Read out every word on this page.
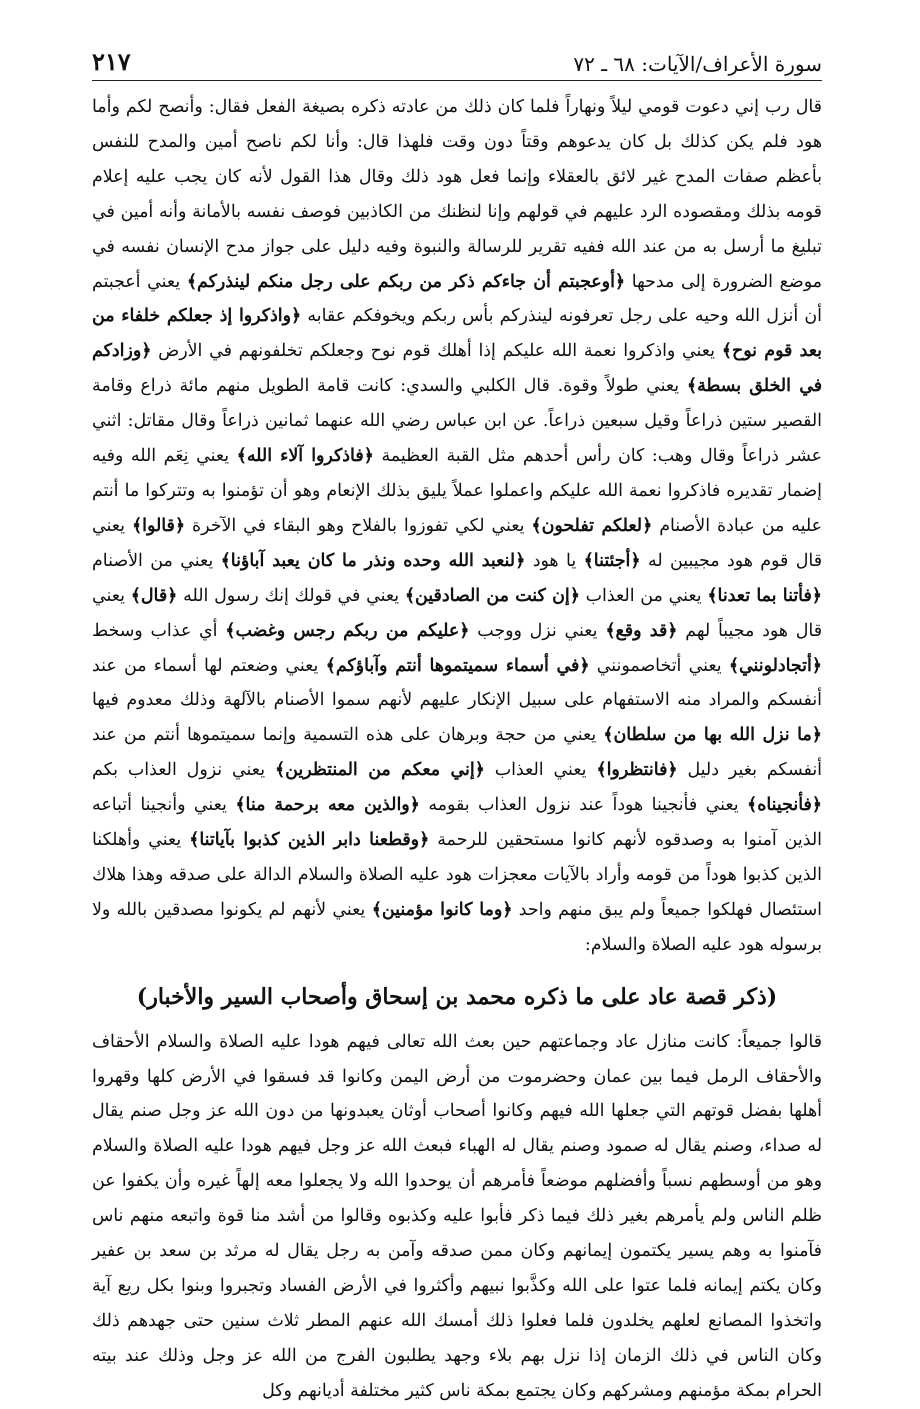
سورة الأعراف/الآيات: ٦٨ ـ ٧٢
٢١٧

قال رب إني دعوت قومي ليلاً ونهاراً فلما كان ذلك من عادته ذكره بصيغة الفعل فقال: وأنصح لكم وأما هود فلم يكن كذلك بل كان يدعوهم وقتاً دون وقت فلهذا قال: وأنا لكم ناصح أمين والمدح للنفس بأعظم صفات المدح غير لائق بالعقلاء وإنما فعل هود ذلك وقال هذا القول لأنه كان يجب عليه إعلام قومه بذلك ومقصوده الرد عليهم في قولهم وإنا لنظنك من الكاذبين فوصف نفسه بالأمانة وأنه أمين في تبليغ ما أرسل به من عند الله ففيه تقرير للرسالة والنبوة وفيه دليل على جواز مدح الإنسان نفسه في موضع الضرورة إلى مدحها ﴿أوعجبتم أن جاءكم ذكر من ربكم على رجل منكم لينذركم﴾ يعني أعجبتم أن أنزل الله وحيه على رجل تعرفونه لينذركم بأس ربكم ويخوفكم عقابه ﴿واذكروا إذ جعلكم خلفاء من بعد قوم نوح﴾ يعني واذكروا نعمة الله عليكم إذا أهلك قوم نوح وجعلكم تخلفونهم في الأرض ﴿وزادكم في الخلق بسطة﴾ يعني طولاً وقوة. قال الكلبي والسدي: كانت قامة الطويل منهم مائة ذراع وقامة القصير ستين ذراعاً وقيل سبعين ذراعاً. عن ابن عباس رضي الله عنهما ثمانين ذراعاً وقال مقاتل: اثني عشر ذراعاً وقال وهب: كان رأس أحدهم مثل القبة العظيمة ﴿فاذكروا آلاء الله﴾ يعني نِعَم الله وفيه إضمار تقديره فاذكروا نعمة الله عليكم واعملوا عملاً يليق بذلك الإنعام وهو أن تؤمنوا به وتتركوا ما أنتم عليه من عبادة الأصنام ﴿لعلكم تفلحون﴾ يعني لكي تفوزوا بالفلاح وهو البقاء في الآخرة ﴿قالوا﴾ يعني قال قوم هود مجيبين له ﴿أجئتنا﴾ يا هود ﴿لنعبد الله وحده ونذر ما كان يعبد آباؤنا﴾ يعني من الأصنام ﴿فأتنا بما تعدنا﴾ يعني من العذاب ﴿إن كنت من الصادقين﴾ يعني في قولك إنك رسول الله ﴿قال﴾ يعني قال هود مجيباً لهم ﴿قد وقع﴾ يعني نزل ووجب ﴿عليكم من ربكم رجس وغضب﴾ أي عذاب وسخط ﴿أتجادلونني﴾ يعني أتخاصمونني ﴿في أسماء سميتموها أنتم وآباؤكم﴾ يعني وضعتم لها أسماء من عند أنفسكم والمراد منه الاستفهام على سبيل الإنكار عليهم لأنهم سموا الأصنام بالآلهة وذلك معدوم فيها ﴿ما نزل الله بها من سلطان﴾ يعني من حجة وبرهان على هذه التسمية وإنما سميتموها أنتم من عند أنفسكم بغير دليل ﴿فانتظروا﴾ يعني العذاب ﴿إني معكم من المنتظرين﴾ يعني نزول العذاب بكم ﴿فأنجيناه﴾ يعني فأنجينا هوداً عند نزول العذاب بقومه ﴿والذين معه برحمة منا﴾ يعني وأنجينا أتباعه الذين آمنوا به وصدقوه لأنهم كانوا مستحقين للرحمة ﴿وقطعنا دابر الذين كذبوا بآياتنا﴾ يعني وأهلكنا الذين كذبوا هوداً من قومه وأراد بالآيات معجزات هود عليه الصلاة والسلام الدالة على صدقه وهذا هلاك استئصال فهلكوا جميعاً ولم يبق منهم واحد ﴿وما كانوا مؤمنين﴾ يعني لأنهم لم يكونوا مصدقين بالله ولا برسوله هود عليه الصلاة والسلام:

(ذكر قصة عاد على ما ذكره محمد بن إسحاق وأصحاب السير والأخبار)

قالوا جميعاً: كانت منازل عاد وجماعتهم حين بعث الله تعالى فيهم هودا عليه الصلاة والسلام الأحقاف والأحقاف الرمل فيما بين عمان وحضرموت من أرض اليمن وكانوا قد فسقوا في الأرض كلها وقهروا أهلها بفضل قوتهم التي جعلها الله فيهم وكانوا أصحاب أوثان يعبدونها من دون الله عز وجل صنم يقال له صداء، وصنم يقال له صمود وصنم يقال له الهباء فبعث الله عز وجل فيهم هودا عليه الصلاة والسلام وهو من أوسطهم نسباً وأفضلهم موضعاً فأمرهم أن يوحدوا الله ولا يجعلوا معه إلهاً غيره وأن يكفوا عن ظلم الناس ولم يأمرهم بغير ذلك فيما ذكر فأبوا عليه وكذبوه وقالوا من أشد منا قوة واتبعه منهم ناس فآمنوا به وهم يسير يكتمون إيمانهم وكان ممن صدقه وآمن به رجل يقال له مرثد بن سعد بن عفير وكان يكتم إيمانه فلما عتوا على الله وكذَّبوا نبيهم وأكثروا في الأرض الفساد وتجبروا وبنوا بكل ريع آية واتخذوا المصانع لعلهم يخلدون فلما فعلوا ذلك أمسك الله عنهم المطر ثلاث سنين حتى جهدهم ذلك وكان الناس في ذلك الزمان إذا نزل بهم بلاء وجهد يطلبون الفرج من الله عز وجل وذلك عند بيته الحرام بمكة مؤمنهم ومشركهم وكان يجتمع بمكة ناس كثير مختلفة أديانهم وكل
